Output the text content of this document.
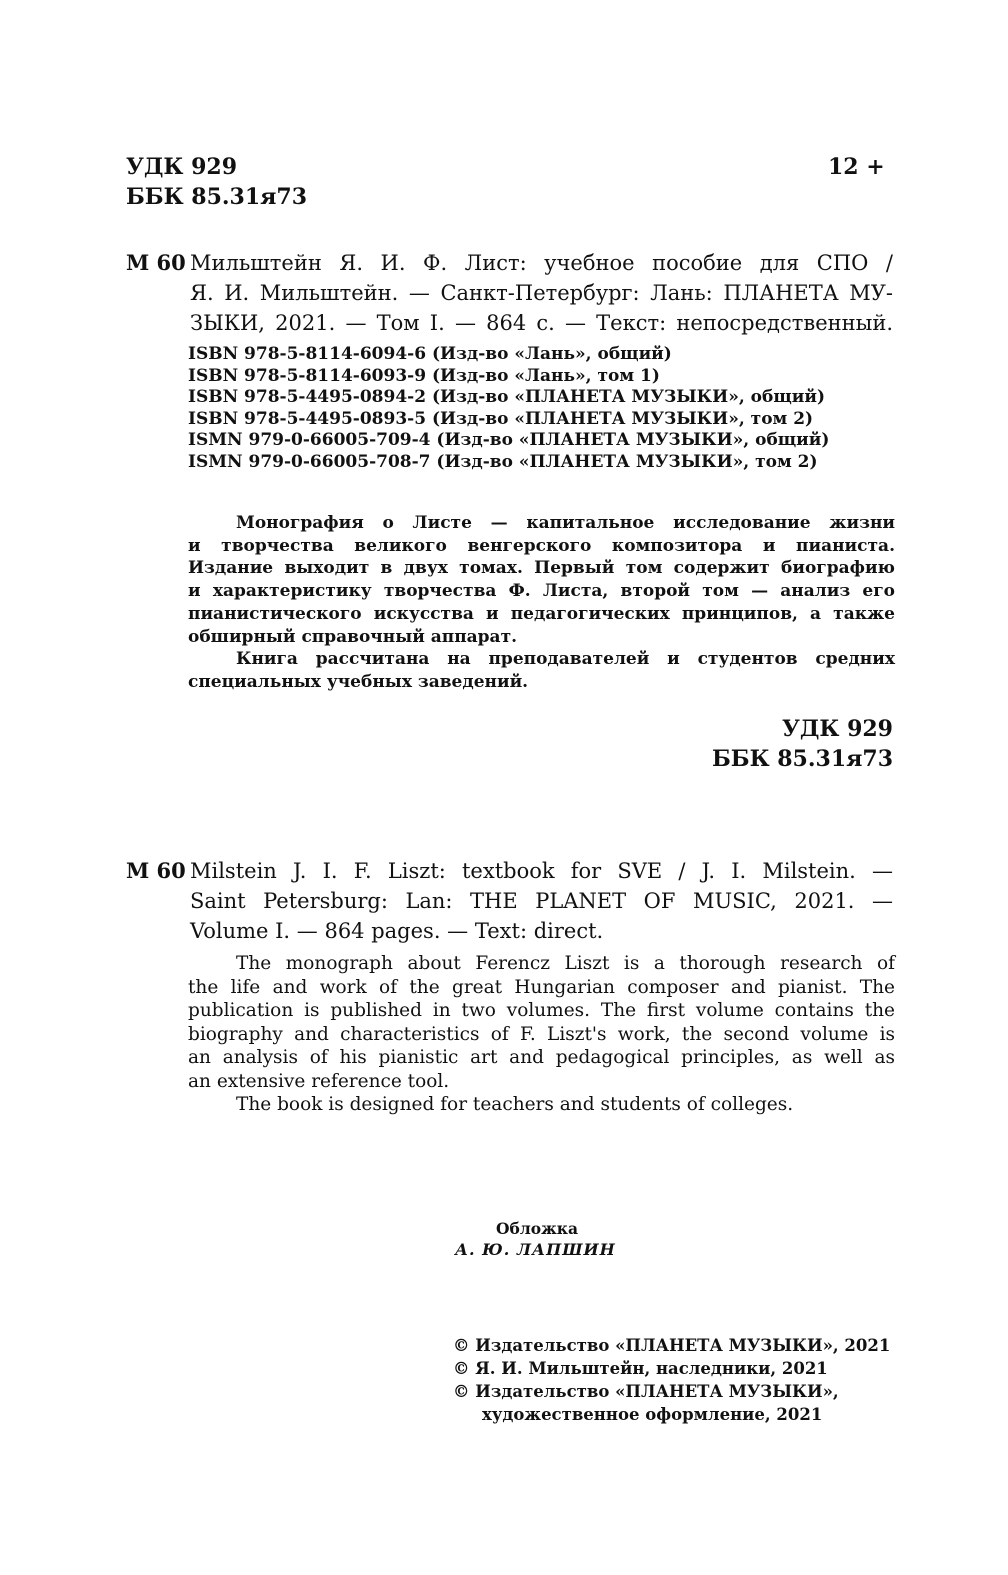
УДК 929
ББК 85.31я73
12 +
М 60 Мильштейн Я. И. Ф. Лист: учебное пособие для СПО /
Я. И. Мильштейн. — Санкт-Петербург: Лань: ПЛАНЕТА МУ-
ЗЫКИ, 2021. — Том I. — 864 с. — Текст: непосредственный.
ISBN 978-5-8114-6094-6 (Изд-во «Лань», общий)
ISBN 978-5-8114-6093-9 (Изд-во «Лань», том 1)
ISBN 978-5-4495-0894-2 (Изд-во «ПЛАНЕТА МУЗЫКИ», общий)
ISBN 978-5-4495-0893-5 (Изд-во «ПЛАНЕТА МУЗЫКИ», том 2)
ISMN 979-0-66005-709-4 (Изд-во «ПЛАНЕТА МУЗЫКИ», общий)
ISMN 979-0-66005-708-7 (Изд-во «ПЛАНЕТА МУЗЫКИ», том 2)
Монография о Листе — капитальное исследование жизни
и творчества великого венгерского композитора и пианиста.
Издание выходит в двух томах. Первый том содержит биографию
и характеристику творчества Ф. Листа, второй том — анализ его
пианистического искусства и педагогических принципов, а также
обширный справочный аппарат.
Книга рассчитана на преподавателей и студентов средних
специальных учебных заведений.
УДК 929
ББК 85.31я73
M 60 Milstein J. I. F. Liszt: textbook for SVE / J. I. Milstein. —
Saint Petersburg: Lan: THE PLANET OF MUSIC, 2021. —
Volume I. — 864 pages. — Text: direct.
The monograph about Ferencz Liszt is a thorough research of
the life and work of the great Hungarian composer and pianist. The
publication is published in two volumes. The first volume contains the
biography and characteristics of F. Liszt's work, the second volume is
an analysis of his pianistic art and pedagogical principles, as well as
an extensive reference tool.
The book is designed for teachers and students of colleges.
Обложка
А. Ю. ЛАПШИН
© Издательство «ПЛАНЕТА МУЗЫКИ», 2021
© Я. И. Мильштейн, наследники, 2021
© Издательство «ПЛАНЕТА МУЗЫКИ»,
художественное оформление, 2021
